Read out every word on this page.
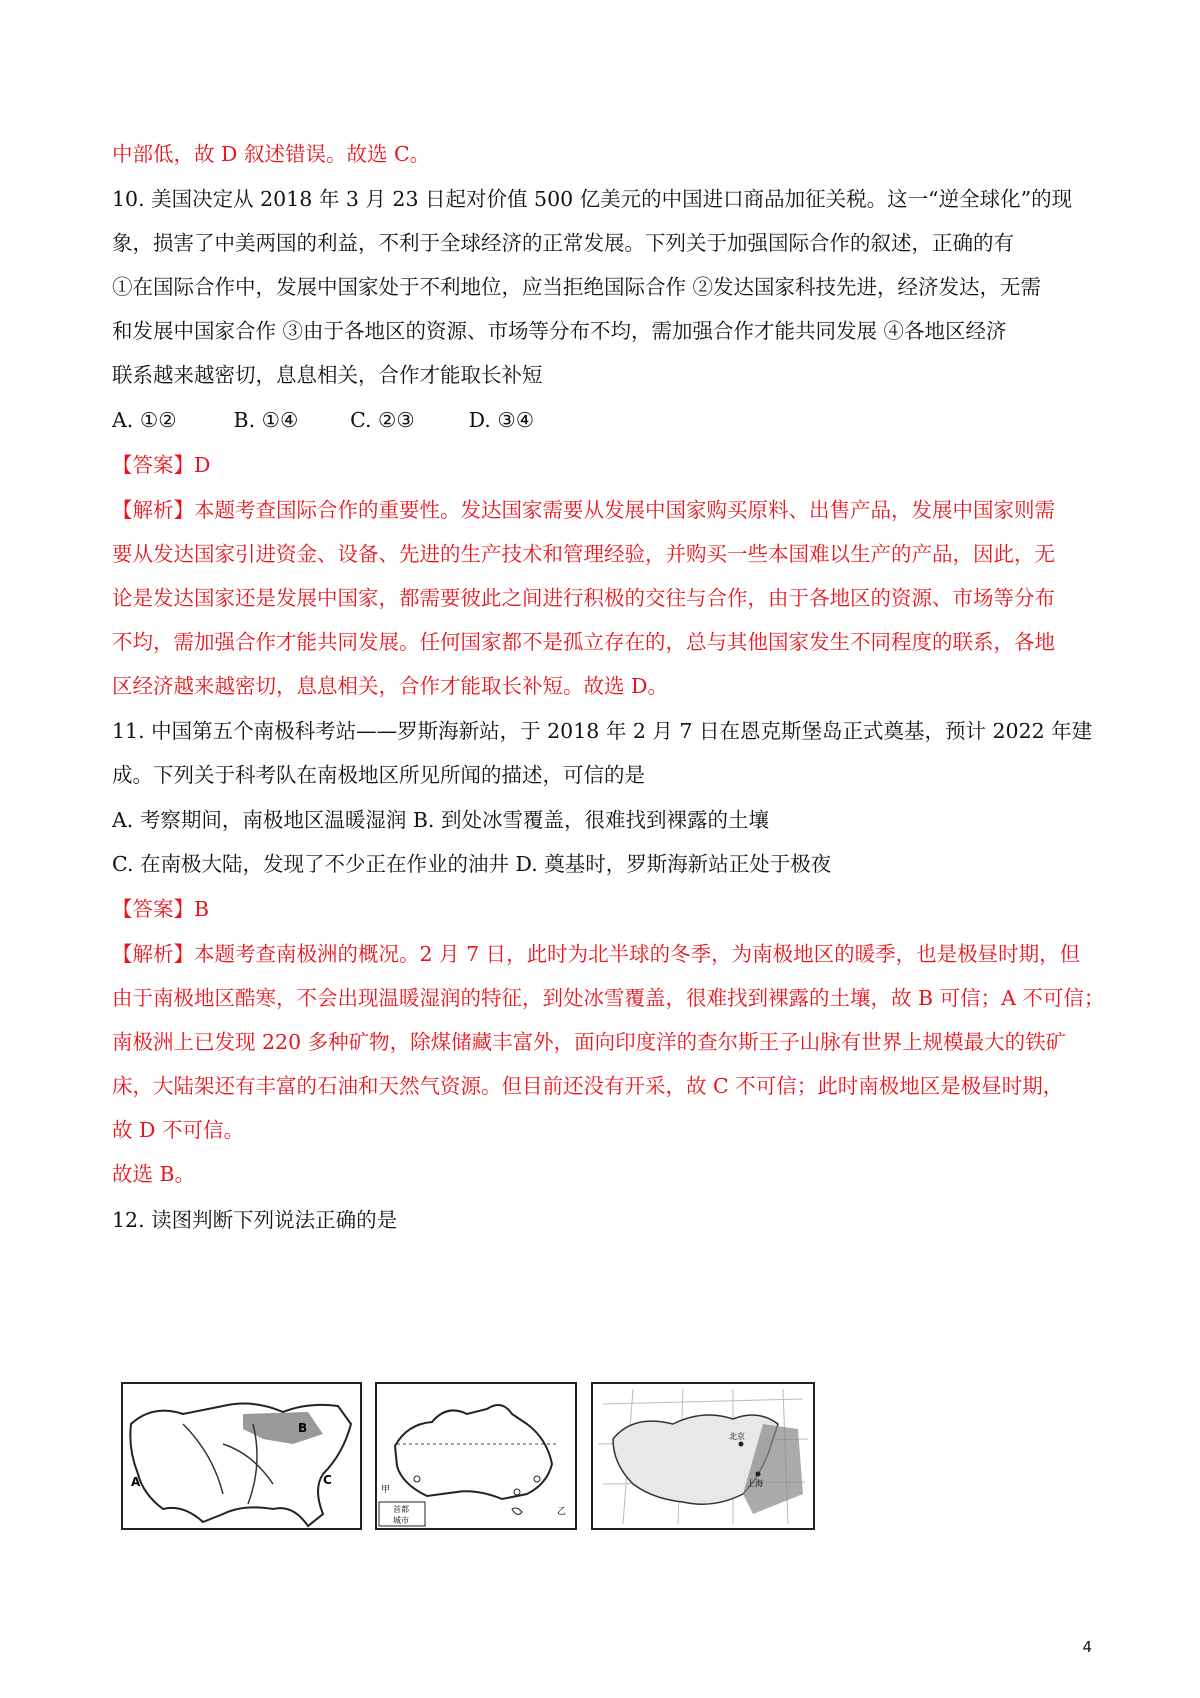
中部低，故 D 叙述错误。故选 C。
10. 美国决定从 2018 年 3 月 23 日起对价值 500 亿美元的中国进口商品加征关税。这一“逆全球化”的现
象，损害了中美两国的利益，不利于全球经济的正常发展。下列关于加强国际合作的叙述，正确的有
①在国际合作中，发展中国家处于不利地位，应当拒绝国际合作 ②发达国家科技先进，经济发达，无需
和发展中国家合作 ③由于各地区的资源、市场等分布不均，需加强合作才能共同发展 ④各地区经济
联系越来越密切，息息相关，合作才能取长补短
A. ①②	B. ①④	C. ②③	D. ③④
【答案】D
【解析】本题考查国际合作的重要性。发达国家需要从发展中国家购买原料、出售产品，发展中国家则需
要从发达国家引进资金、设备、先进的生产技术和管理经验，并购买一些本国难以生产的产品，因此，无
论是发达国家还是发展中国家，都需要彼此之间进行积极的交往与合作，由于各地区的资源、市场等分布
不均，需加强合作才能共同发展。任何国家都不是孤立存在的，总与其他国家发生不同程度的联系，各地
区经济越来越密切，息息相关，合作才能取长补短。故选 D。
11. 中国第五个南极科考站——罗斯海新站，于 2018 年 2 月 7 日在恩克斯堡岛正式奠基，预计 2022 年建
成。下列关于科考队在南极地区所见所闻的描述，可信的是
A. 考察期间，南极地区温暖湿润 B. 到处冰雪覆盖，很难找到裸露的土壤
C. 在南极大陆，发现了不少正在作业的油井 D. 奠基时，罗斯海新站正处于极夜
【答案】B
【解析】本题考查南极洲的概况。2 月 7 日，此时为北半球的冬季，为南极地区的暖季，也是极昼时期，但
由于南极地区酷寒，不会出现温暖湿润的特征，到处冰雪覆盖，很难找到裸露的土壤，故 B 可信；A 不可信；
南极洲上已发现 220 多种矿物，除煤储藏丰富外，面向印度洋的查尔斯王子山脉有世界上规模最大的铁矿
床，大陆架还有丰富的石油和天然气资源。但目前还没有开采，故 C 不可信；此时南极地区是极昼时期，
故 D 不可信。
故选 B。
12. 读图判断下列说法正确的是
A
B
C
甲
乙
首都
城市
北京
上海
4
